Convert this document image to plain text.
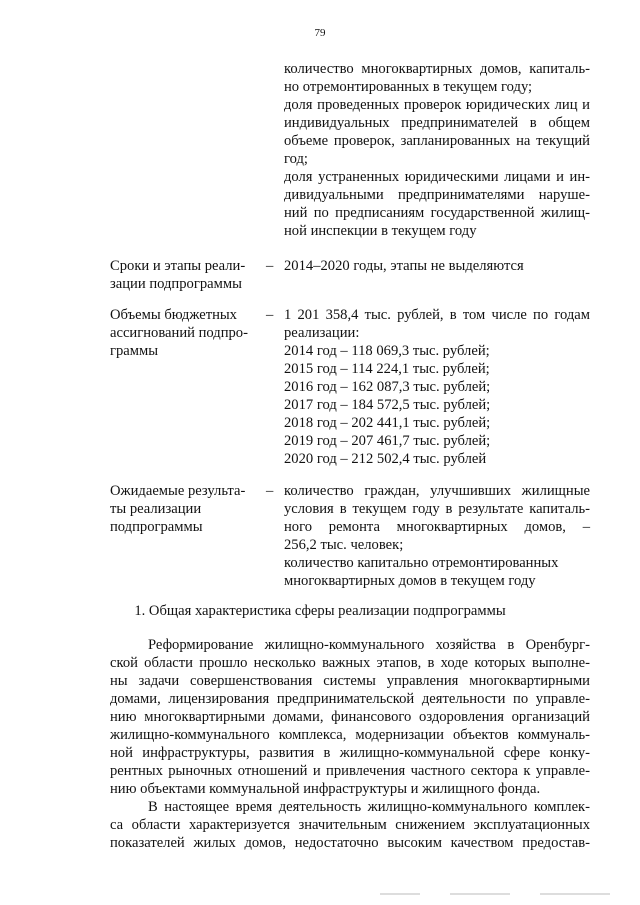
79
количество многоквартирных домов, капиталь-
но отремонтированных в текущем году;
доля проведенных проверок юридических лиц и
индивидуальных предпринимателей в общем
объеме проверок, запланированных на текущий
год;
доля устраненных юридическими лицами и ин-
дивидуальными предпринимателями наруше-
ний по предписаниям государственной жилищ-
ной инспекции в текущем году
Сроки и этапы реали-
зации подпрограммы
– 2014–2020 годы, этапы не выделяются
Объемы бюджетных
ассигнований подпро-
граммы
– 1 201 358,4 тыс. рублей, в том числе по годам
реализации:
2014 год – 118 069,3 тыс. рублей;
2015 год – 114 224,1 тыс. рублей;
2016 год – 162 087,3 тыс. рублей;
2017 год – 184 572,5 тыс. рублей;
2018 год – 202 441,1 тыс. рублей;
2019 год – 207 461,7 тыс. рублей;
2020 год – 212 502,4 тыс. рублей
Ожидаемые результа-
ты реализации
подпрограммы
– количество граждан, улучшивших жилищные
условия в текущем году в результате капиталь-
ного ремонта многоквартирных домов, –
256,2 тыс. человек;
количество капитально отремонтированных
многоквартирных домов в текущем году
1. Общая характеристика сферы реализации подпрограммы
Реформирование жилищно-коммунального хозяйства в Оренбург-
ской области прошло несколько важных этапов, в ходе которых выполне-
ны задачи совершенствования системы управления многоквартирными
домами, лицензирования предпринимательской деятельности по управле-
нию многоквартирными домами, финансового оздоровления организаций
жилищно-коммунального комплекса, модернизации объектов коммуналь-
ной инфраструктуры, развития в жилищно-коммунальной сфере конку-
рентных рыночных отношений и привлечения частного сектора к управле-
нию объектами коммунальной инфраструктуры и жилищного фонда.
В настоящее время деятельность жилищно-коммунального комплек-
са области характеризуется значительным снижением эксплуатационных
показателей жилых домов, недостаточно высоким качеством предостав-
